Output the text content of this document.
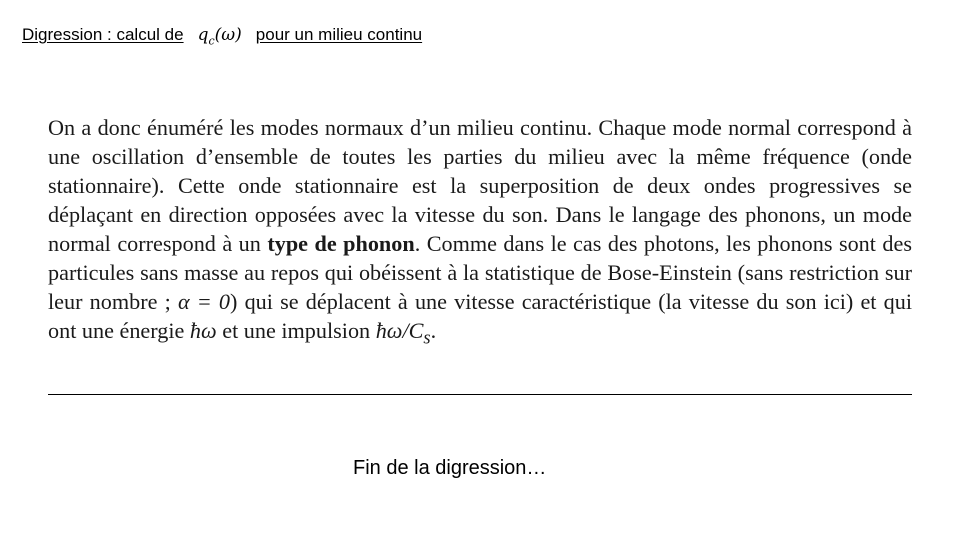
Digression : calcul de $q_c(\omega)$ pour un milieu continu
On a donc énuméré les modes normaux d’un milieu continu. Chaque mode normal correspond à une oscillation d’ensemble de toutes les parties du milieu avec la même fréquence (onde stationnaire). Cette onde stationnaire est la superposition de deux ondes progressives se déplaçant en direction opposées avec la vitesse du son. Dans le langage des phonons, un mode normal correspond à un type de phonon. Comme dans le cas des photons, les phonons sont des particules sans masse au repos qui obéissent à la statistique de Bose-Einstein (sans restriction sur leur nombre ; α = 0) qui se déplacent à une vitesse caractéristique (la vitesse du son ici) et qui ont une énergie ħω et une impulsion $ħ\omega/C_s$.
Fin de la digression…
